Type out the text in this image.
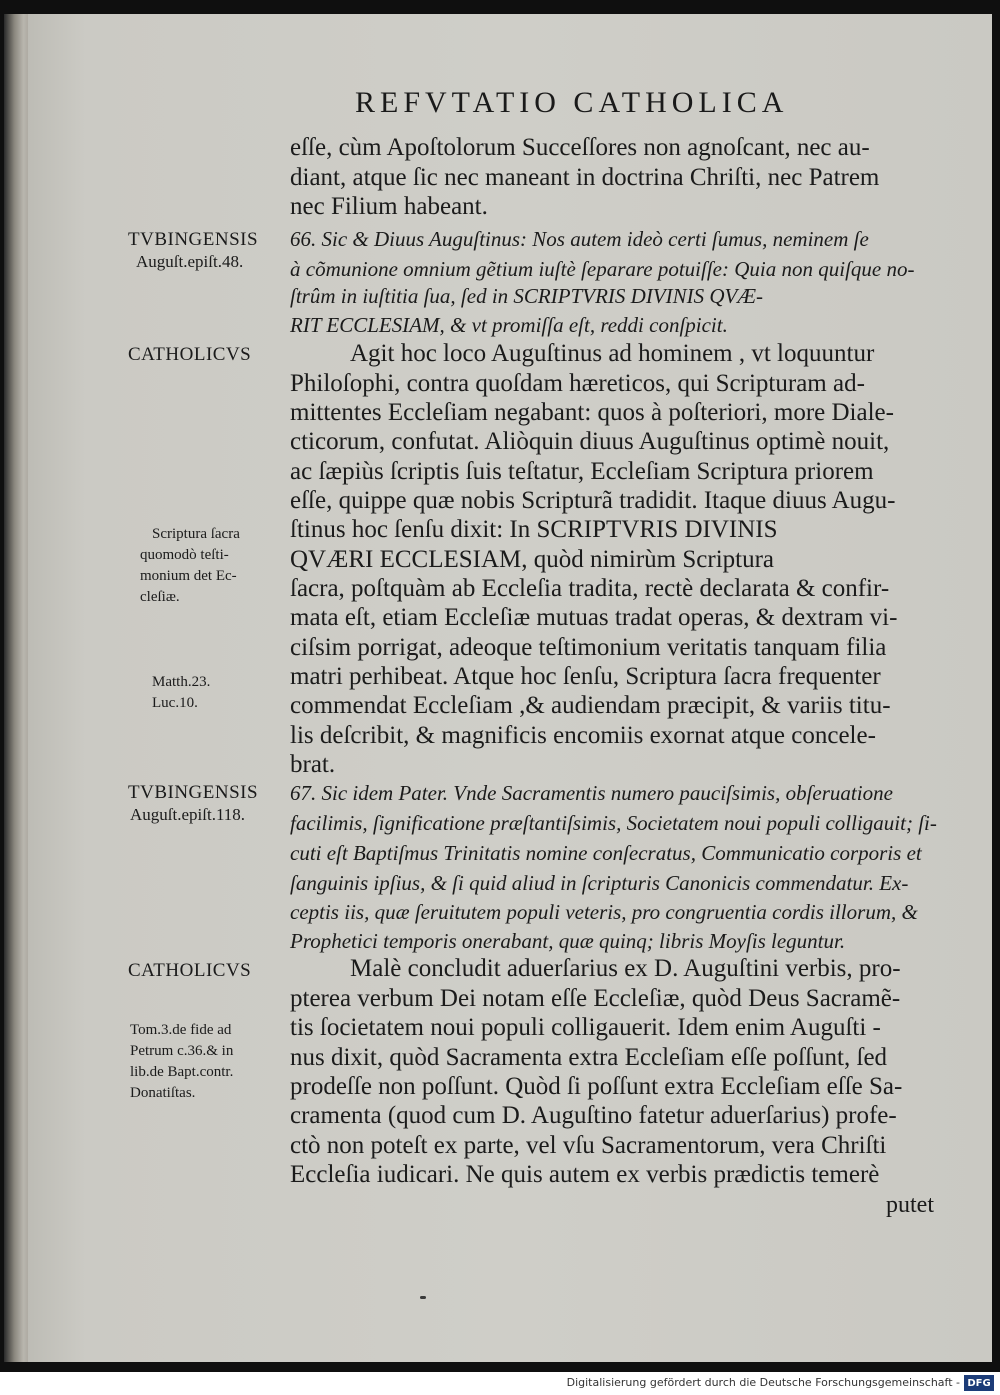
REFVTATIO CATHOLICA
TVBINGENSIS
Auguſt.epiſt.48.
CATHOLICVS
Scriptura ſacra
quomodò teſti-
monium det Ec-
cleſiæ.
Matth.23.
Luc.10.
TVBINGENSIS
Auguſt.epiſt.118.
CATHOLICVS
Tom.3.de fide ad
Petrum c.36.& in
lib.de Bapt.contr.
Donatiſtas.
eſſe, cùm Apoſtolorum Succeſſores non agnoſcant, nec au-
diant, atque ſic nec maneant in doctrina Chriſti, nec Patrem
nec Filium habeant.
66. Sic & Diuus Auguſtinus: Nos autem ideò certi ſumus, neminem ſe
à cõmunione omnium gẽtium iuſtè ſeparare potuiſſe: Quia non quiſque no-
ſtrûm in iuſtitia ſua, ſed in SCRIPTVRIS DIVINIS QVÆ-
RIT ECCLESIAM, & vt promiſſa eſt, reddi conſpicit.
Agit hoc loco Auguſtinus ad hominem , vt loquuntur
Philoſophi, contra quoſdam hæreticos, qui Scripturam ad-
mittentes Eccleſiam negabant: quos à poſteriori, more Diale-
cticorum, confutat. Aliòquin diuus Auguſtinus optimè nouit,
ac ſæpiùs ſcriptis ſuis teſtatur, Eccleſiam Scriptura priorem
eſſe, quippe quæ nobis Scripturã tradidit. Itaque diuus Augu-
ſtinus hoc ſenſu dixit: In SCRIPTVRIS DIVINIS
QVÆRI ECCLESIAM, quòd nimirùm Scriptura
ſacra, poſtquàm ab Eccleſia tradita, rectè declarata & confir-
mata eſt, etiam Eccleſiæ mutuas tradat operas, & dextram vi-
ciſsim porrigat, adeoque teſtimonium veritatis tanquam filia
matri perhibeat. Atque hoc ſenſu, Scriptura ſacra frequenter
commendat Eccleſiam ,& audiendam præcipit, & variis titu-
lis deſcribit, & magnificis encomiis exornat atque concele-
brat.
67. Sic idem Pater. Vnde Sacramentis numero pauciſsimis, obſeruatione
facilimis, ſignificatione præſtantiſsimis, Societatem noui populi colligauit; ſi-
cuti eſt Baptiſmus Trinitatis nomine conſecratus, Communicatio corporis et
ſanguinis ipſius, & ſi quid aliud in ſcripturis Canonicis commendatur. Ex-
ceptis iis, quæ ſeruitutem populi veteris, pro congruentia cordis illorum, &
Prophetici temporis onerabant, quæ quinq; libris Moyſis leguntur.
Malè concludit aduerſarius ex D. Auguſtini verbis, pro-
pterea verbum Dei notam eſſe Eccleſiæ, quòd Deus Sacramẽ-
tis ſocietatem noui populi colligauerit. Idem enim Auguſti -
nus dixit, quòd Sacramenta extra Eccleſiam eſſe poſſunt, ſed
prodeſſe non poſſunt. Quòd ſi poſſunt extra Eccleſiam eſſe Sa-
cramenta (quod cum D. Auguſtino fatetur aduerſarius) profe-
ctò non poteſt ex parte, vel vſu Sacramentorum, vera Chriſti
Eccleſia iudicari. Ne quis autem ex verbis prædictis temerè
putet
Digitalisierung gefördert durch die Deutsche Forschungsgemeinschaft - DFG
